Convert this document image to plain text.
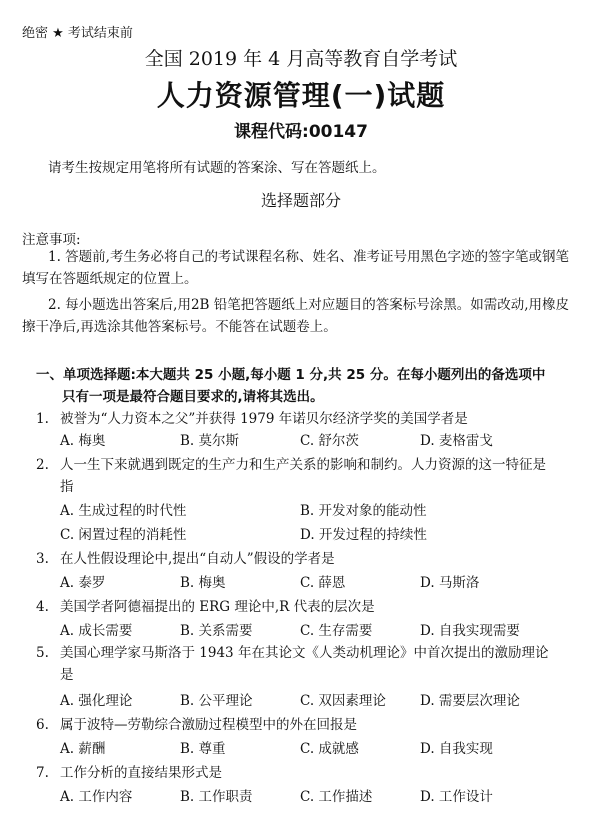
绝密 ★ 考试结束前
全国 2019 年 4 月高等教育自学考试
人力资源管理(一)试题
课程代码:00147
请考生按规定用笔将所有试题的答案涂、写在答题纸上。
选择题部分
注意事项:
1. 答题前,考生务必将自己的考试课程名称、姓名、准考证号用黑色字迹的签字笔或钢笔填写在答题纸规定的位置上。
2. 每小题选出答案后,用2B 铅笔把答题纸上对应题目的答案标号涂黑。如需改动,用橡皮擦干净后,再选涂其他答案标号。不能答在试题卷上。
一、单项选择题:本大题共 25 小题,每小题 1 分,共 25 分。在每小题列出的备选项中
只有一项是最符合题目要求的,请将其选出。
1. 被誉为“人力资本之父”并获得 1979 年诺贝尔经济学奖的美国学者是
A. 梅奥	B. 莫尔斯	C. 舒尔茨	D. 麦格雷戈
2. 人一生下来就遇到既定的生产力和生产关系的影响和制约。人力资源的这一特征是
指
A. 生成过程的时代性	B. 开发对象的能动性
C. 闲置过程的消耗性	D. 开发过程的持续性
3. 在人性假设理论中,提出“自动人”假设的学者是
A. 泰罗	B. 梅奥	C. 薛恩	D. 马斯洛
4. 美国学者阿德福提出的 ERG 理论中,R 代表的层次是
A. 成长需要	B. 关系需要	C. 生存需要	D. 自我实现需要
5. 美国心理学家马斯洛于 1943 年在其论文《人类动机理论》中首次提出的激励理论
是
A. 强化理论	B. 公平理论	C. 双因素理论	D. 需要层次理论
6. 属于波特—劳勒综合激励过程模型中的外在回报是
A. 薪酬	B. 尊重	C. 成就感	D. 自我实现
7. 工作分析的直接结果形式是
A. 工作内容	B. 工作职责	C. 工作描述	D. 工作设计
